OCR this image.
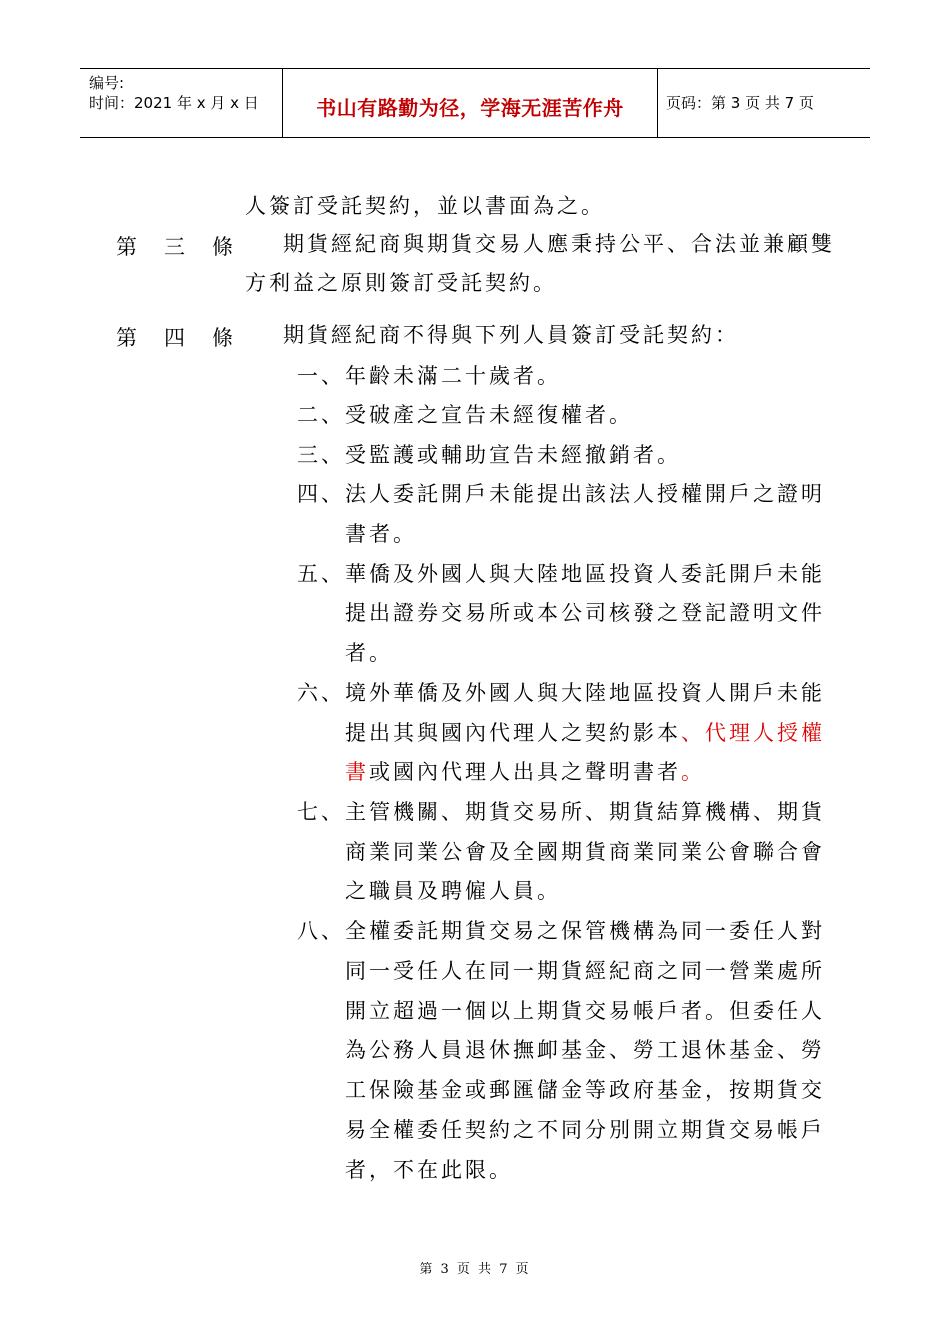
编号:
时间：2021 年 x 月 x 日	书山有路勤为径，学海无涯苦作舟	页码：第 3 页 共 7 页
人簽訂受託契約，並以書面為之。
第 三 條	期貨經紀商與期貨交易人應秉持公平、合法並兼顧雙
方利益之原則簽訂受託契約。
第 四 條	期貨經紀商不得與下列人員簽訂受託契約：
一、 年齡未滿二十歲者。
二、 受破產之宣告未經復權者。
三、 受監護或輔助宣告未經撤銷者。
四、 法人委託開戶未能提出該法人授權開戶之證明
書者。
五、 華僑及外國人與大陸地區投資人委託開戶未能
提出證券交易所或本公司核發之登記證明文件
者。
六、 境外華僑及外國人與大陸地區投資人開戶未能
提出其與國內代理人之契約影本、代理人授權
書或國內代理人出具之聲明書者。
七、 主管機關、期貨交易所、期貨結算機構、期貨
商業同業公會及全國期貨商業同業公會聯合會
之職員及聘僱人員。
八、 全權委託期貨交易之保管機構為同一委任人對
同一受任人在同一期貨經紀商之同一營業處所
開立超過一個以上期貨交易帳戶者。但委任人
為公務人員退休撫卹基金、勞工退休基金、勞
工保險基金或郵匯儲金等政府基金，按期貨交
易全權委任契約之不同分別開立期貨交易帳戶
者，不在此限。
第 3 页 共 7 页
